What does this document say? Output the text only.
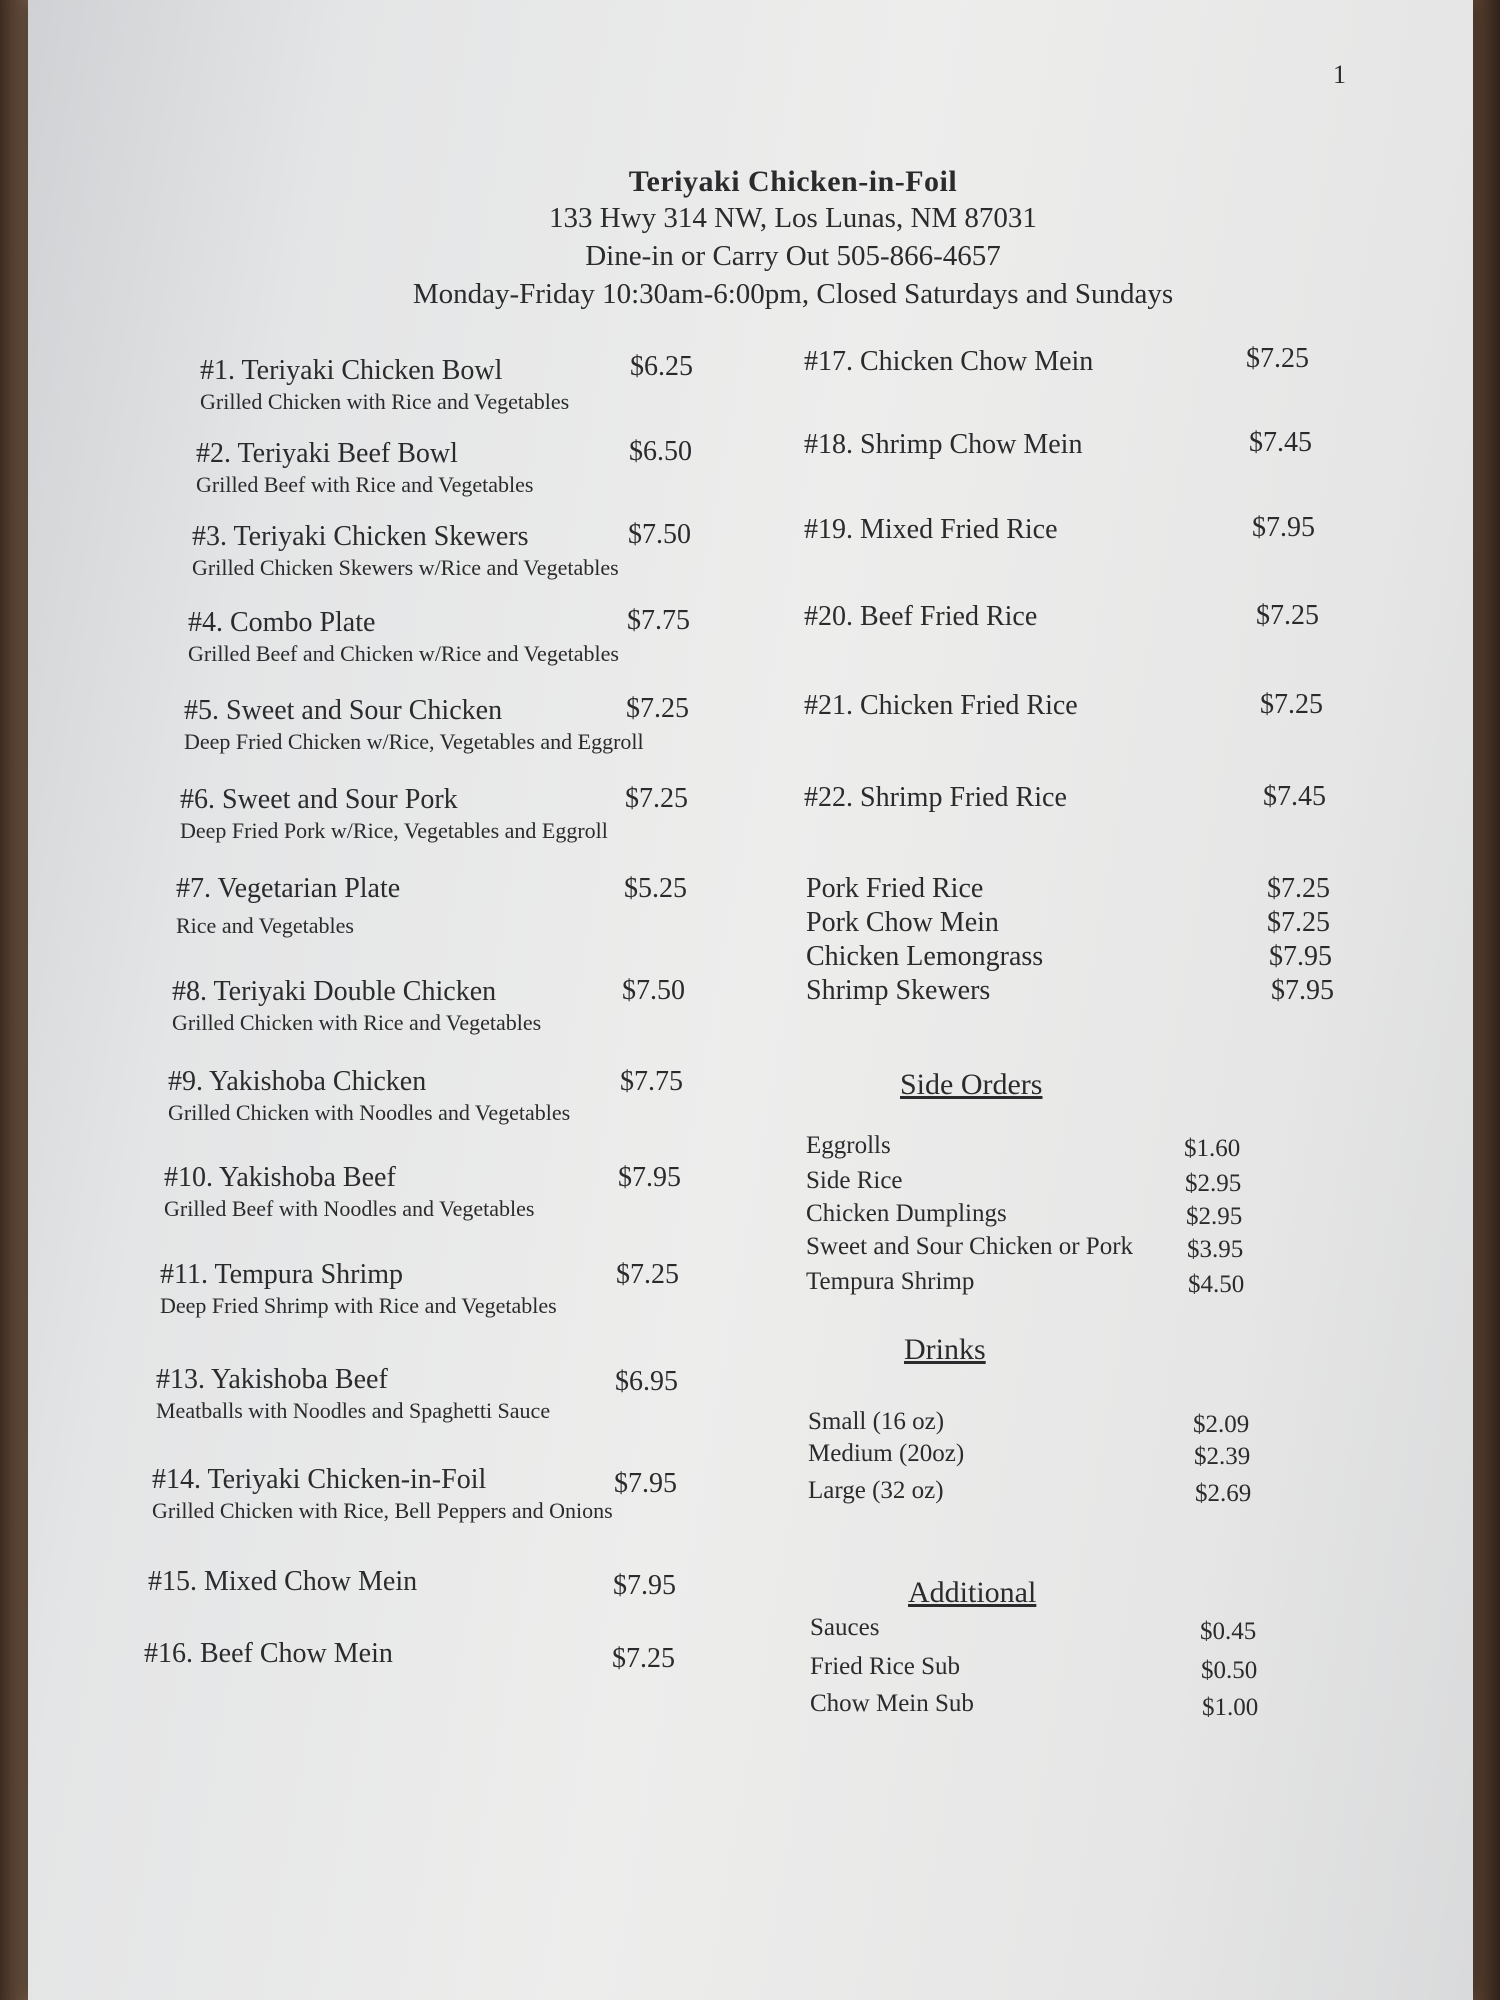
1
Teriyaki Chicken-in-Foil
133 Hwy 314 NW, Los Lunas, NM 87031
Dine-in or Carry Out 505-866-4657
Monday-Friday 10:30am-6:00pm, Closed Saturdays and Sundays
#1. Teriyaki Chicken Bowl
Grilled Chicken with Rice and Vegetables
$6.25
#2. Teriyaki Beef Bowl
Grilled Beef with Rice and Vegetables
$6.50
#3. Teriyaki Chicken Skewers
Grilled Chicken Skewers w/Rice and Vegetables
$7.50
#4. Combo Plate
Grilled Beef and Chicken w/Rice and Vegetables
$7.75
#5. Sweet and Sour Chicken
Deep Fried Chicken w/Rice, Vegetables and Eggroll
$7.25
#6. Sweet and Sour Pork
Deep Fried Pork w/Rice, Vegetables and Eggroll
$7.25
#7. Vegetarian Plate
Rice and Vegetables
$5.25
#8. Teriyaki Double Chicken
Grilled Chicken with Rice and Vegetables
$7.50
#9. Yakishoba Chicken
Grilled Chicken with Noodles and Vegetables
$7.75
#10. Yakishoba Beef
Grilled Beef with Noodles and Vegetables
$7.95
#11. Tempura Shrimp
Deep Fried Shrimp with Rice and Vegetables
$7.25
#13. Yakishoba Beef
Meatballs with Noodles and Spaghetti Sauce
$6.95
#14. Teriyaki Chicken-in-Foil
Grilled Chicken with Rice, Bell Peppers and Onions
$7.95
#15. Mixed Chow Mein	$7.95
#16. Beef Chow Mein	$7.25
#17. Chicken Chow Mein	$7.25
#18. Shrimp Chow Mein	$7.45
#19. Mixed Fried Rice	$7.95
#20. Beef Fried Rice	$7.25
#21. Chicken Fried Rice	$7.25
#22. Shrimp Fried Rice	$7.45
Pork Fried Rice	$7.25
Pork Chow Mein	$7.25
Chicken Lemongrass	$7.95
Shrimp Skewers	$7.95
Side Orders
Eggrolls	$1.60
Side Rice	$2.95
Chicken Dumplings	$2.95
Sweet and Sour Chicken or Pork $3.95
Tempura Shrimp	$4.50
Drinks
Small (16 oz)	$2.09
Medium (20oz)	$2.39
Large (32 oz)	$2.69
Additional
Sauces	$0.45
Fried Rice Sub	$0.50
Chow Mein Sub	$1.00
